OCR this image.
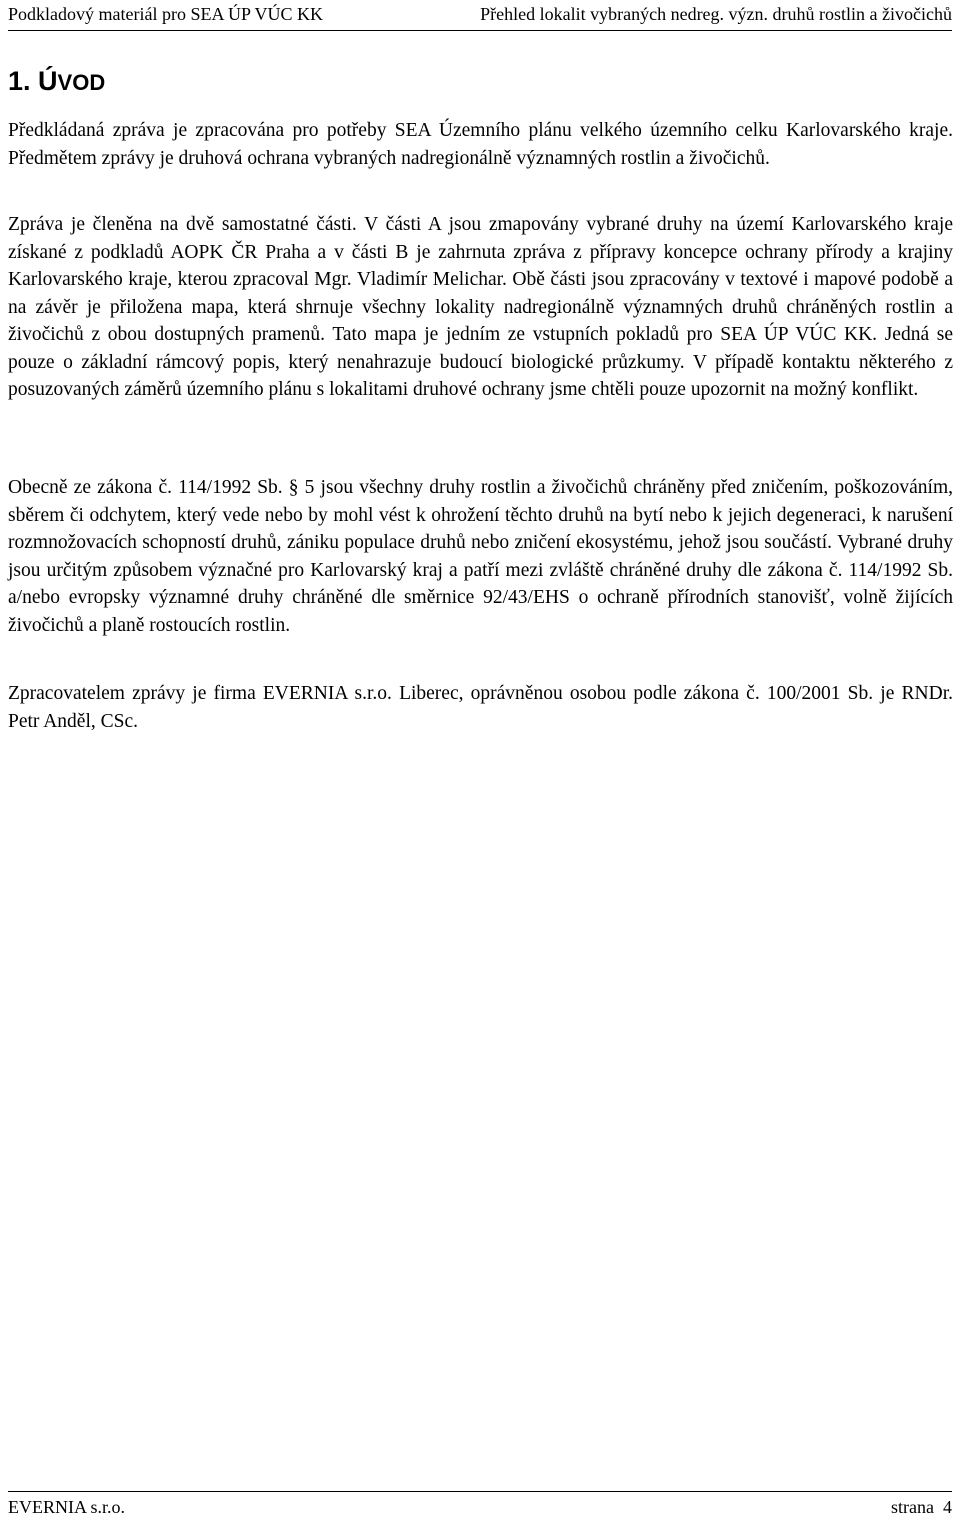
Podkladový materiál pro SEA ÚP VÚC KK	Přehled lokalit vybraných nedreg. význ. druhů rostlin a živočichů
1. ÚVOD

Předkládaná zpráva je zpracována pro potřeby SEA Územního plánu velkého územního celku Karlovarského kraje. Předmětem zprávy je druhová ochrana vybraných nadregionálně významných rostlin a živočichů.

Zpráva je členěna na dvě samostatné části. V části A jsou zmapovány vybrané druhy na území Karlovarského kraje získané z podkladů AOPK ČR Praha a v části B je zahrnuta zpráva z přípravy koncepce ochrany přírody a krajiny Karlovarského kraje, kterou zpracoval Mgr. Vladimír Melichar. Obě části jsou zpracovány v textové i mapové podobě a na závěr je přiložena mapa, která shrnuje všechny lokality nadregionálně významných druhů chráněných rostlin a živočichů z obou dostupných pramenů. Tato mapa je jedním ze vstupních pokladů pro SEA ÚP VÚC KK. Jedná se pouze o základní rámcový popis, který nenahrazuje budoucí biologické průzkumy. V případě kontaktu některého z posuzovaných záměrů územního plánu s lokalitami druhové ochrany jsme chtěli pouze upozornit na možný konflikt.

Obecně ze zákona č. 114/1992 Sb. § 5 jsou všechny druhy rostlin a živočichů chráněny před zničením, poškozováním, sběrem či odchytem, který vede nebo by mohl vést k ohrožení těchto druhů na bytí nebo k jejich degeneraci, k narušení rozmnožovacích schopností druhů, zániku populace druhů nebo zničení ekosystému, jehož jsou součástí. Vybrané druhy jsou určitým způsobem význačné pro Karlovarský kraj a patří mezi zvláště chráněné druhy dle zákona č. 114/1992 Sb. a/nebo evropsky významné druhy chráněné dle směrnice 92/43/EHS o ochraně přírodních stanovišť, volně žijících živočichů a planě rostoucích rostlin.

Zpracovatelem zprávy je firma EVERNIA s.r.o. Liberec, oprávněnou osobou podle zákona č. 100/2001 Sb. je RNDr. Petr Anděl, CSc.

EVERNIA s.r.o.	strana  4
